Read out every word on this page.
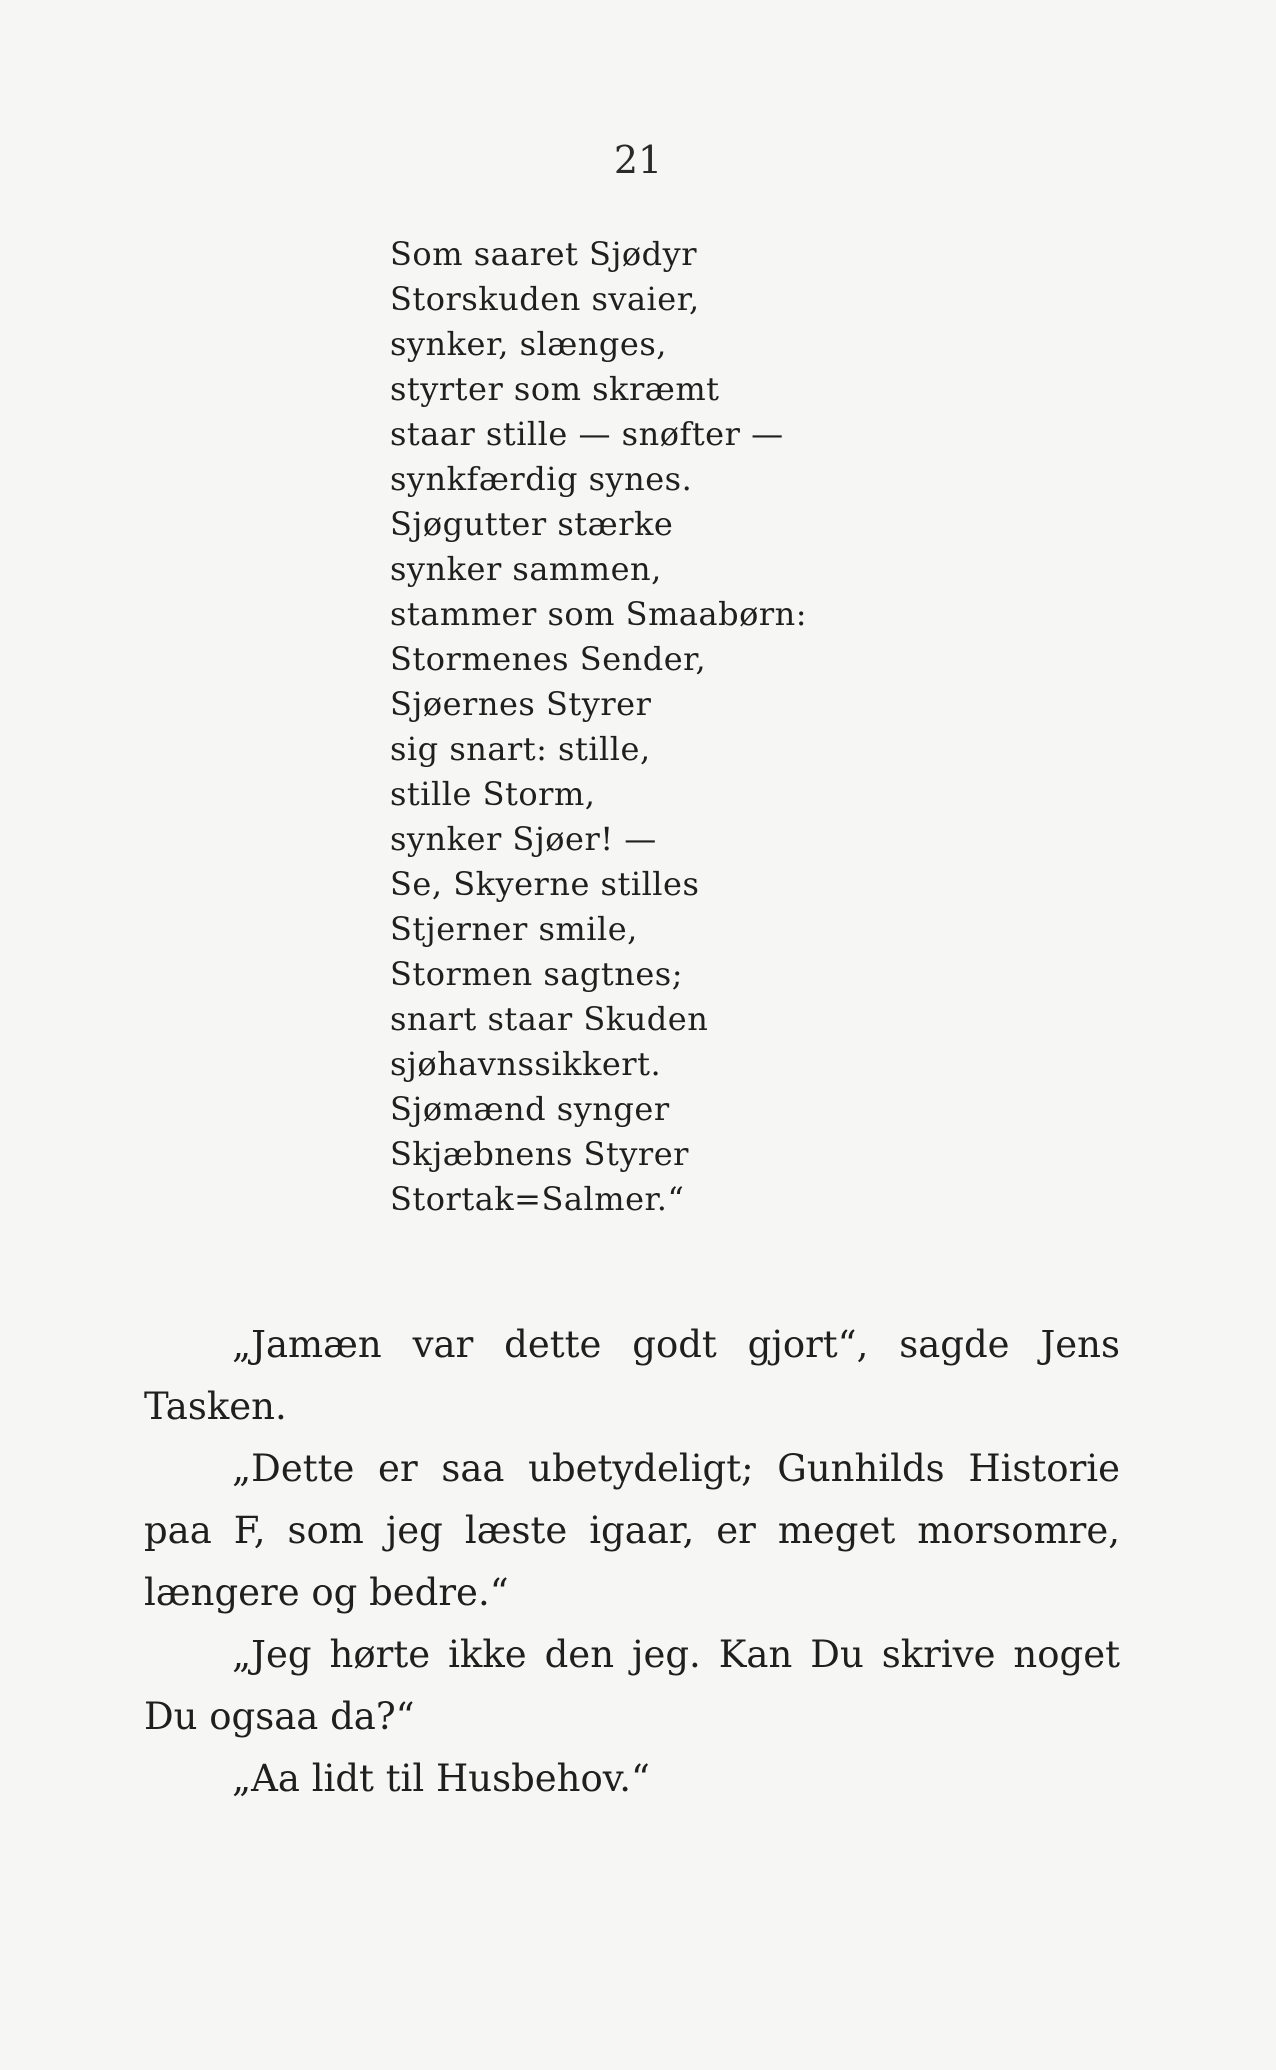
21
Som saaret Sjødyr
Storskuden svaier,
synker, slænges,
styrter som skræmt
staar stille — snøfter —
synkfærdig synes.
Sjøgutter stærke
synker sammen,
stammer som Smaabørn:
Stormenes Sender,
Sjøernes Styrer
sig snart: stille,
stille Storm,
synker Sjøer! —
Se, Skyerne stilles
Stjerner smile,
Stormen sagtnes;
snart staar Skuden
sjøhavnssikkert.
Sjømænd synger
Skjæbnens Styrer
Stortak=Salmer.“

„Jamæn var dette godt gjort“, sagde Jens Tasken.

„Dette er saa ubetydeligt; Gunhilds Historie paa F, som jeg læste igaar, er meget morsomre, længere og bedre.“

„Jeg hørte ikke den jeg. Kan Du skrive noget Du ogsaa da?“

„Aa lidt til Husbehov.“
